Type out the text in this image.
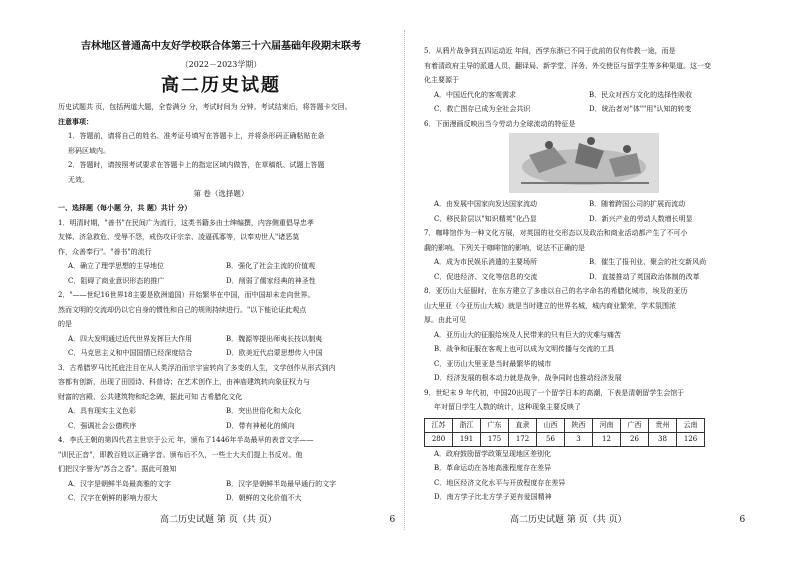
吉林地区普通高中友好学校联合体第三十六届基础年段期末联考
（2022－2023学期）
高二历史试题
历史试题共 页，包括两道大题，全卷满分 分，考试时间为 分钟。考试结束后，将答题卡交回。
注意事项：
1．答题前，请将自己的姓名、准考证号填写在答题卡上，并将条形码正确粘贴在条
形码区域内。
2．答题时，请按照考试要求在答题卡上的指定区域内做答，在草稿纸、试题上答题
无效。
第 卷（选择题）
一、选择题（每小题 分，共 题）共计 分）
1．明清时期，"善书"在民间广为流行，这类书籍多由士绅编撰，内容侧重倡导忠孝
友悌、济急救危、受辱不怨，戒伤攻讦宗亲、凌逼孤寡等，以奉劝世人"诸恶莫
作，众善奉行"。"善书"的流行
A．确立了理学思想的主导地位	B．强化了社会主流的价值观
C．阻碍了商业意识形态的推广	D．削弱了儒家经典的神圣性
2．"——世纪16世界18主要是欧洲道国）开始繁华在中国，而中国却未走向世界。
然而文明的交流却仍以它自身的惯性和自己的规则持续进行。"以下能论证此观点
的是
A．四大发明通过近代世界发挥巨大作用	B．魏源等提出师夷长技以制夷
C．马克思主义和中国国情已经深度结合	D．欧美近代启蒙思想传入中国
3．古希腊罗马比托庇注目在从人类浮泊而宗宇宙转向了多变的人生，文学创作从形式到内
容都有创新，出现了田园诗、科普诗；在艺术创作上，由神庙建筑转向象征权力与
财富的宫殿、公共建筑物和纪念碑，据此可知 古希腊化文化
A．具有现实主义色彩	B．突出世俗化和大众化
C．强调社会公德秩序	D．带有神秘化的倾向
4．李氏王朝的第四代君主世宗于公元 年，颁布了1446年半岛最早的表音文字——
"训民正音"，即教百姓以正确字音。颁布后不久，一些士大夫们提上书反对。他
们把汉字誉为"苏合之香"。据此可推知
A．汉字是朝鲜半岛最高雅的文字	B．汉字是朝鲜半岛最早通行的文字
C．汉字在朝鲜的影响力很大	D．朝鲜的文化价值不大
5．从鸦片战争到五四运动近 年间，西学东渐已不同于此前的仅有传教一途，而是
有着清政府主导的派遣人员、翻译局、新学堂、洋务、外交使臣与留学生等多种渠道。这一变
化主要源于
A．中国近代化的客观需求	B．民众对西方文化的选择性吸收
C．救亡图存已成为全社会共识	D．统治者对"体""用"认知的转变
6．下面漫画反映出当今劳动力全球流动的特征是
A．由发展中国家向发达国家流动	B．随着跨国公司的扩展而流动
C．移民阶层以"知识精英"化凸显	D．新兴产业的劳动人数增长明显
7．咖啡馆作为一种文化方展，对英国的社交形态以及政治和商业活动都产生了不可小
觑的影响。下列关于咖啡馆的影响，说法不正确的是
A．成为市民娱乐消遣的主要场所	B．催生了报刊业、聚会的社交新风尚
C．促进经济、文化等信息的交流	D．直接推动了英国政治体制的改革
8．亚历山大征服时，在东方建立了多座以自己的名字命名的希腊化城市，埃及的亚历
山大里亚（今亚历山大城）就是当时建立的世界名城，城内商业繁荣，学术氛围浓
厚。由此可见
A．亚历山大的征服给埃及人民带来的只有巨大的灾难与痛苦
B．战争和征服在客观上也可以成为文明传播与交流的工具
C．亚历山大里亚是当时最繁华的城市
D．经济发展的根本动力就是战争，战争同时也推动经济发展
9．世纪末 9 年代初，中国20出现了一个留学日本的高潮，下表是清朝留学生会馆于
年对留日学生人数的统计，这种现象主要反映了
江苏	浙江	广东	直隶	山西	陕西	河南	广西	贵州	云南
280	191	175	172	56	3	12	26	38	126
A．政府鼓励留学政策呈现地区差别化
B．革命运动在各地高涨程度存在差异
C．地区经济文化水平与开放程度存在差异
D．南方学子比北方学子更有爱国精神
高二历史试题 第 页（共 页）	6	高二历史试题 第 页（共 页）	6
